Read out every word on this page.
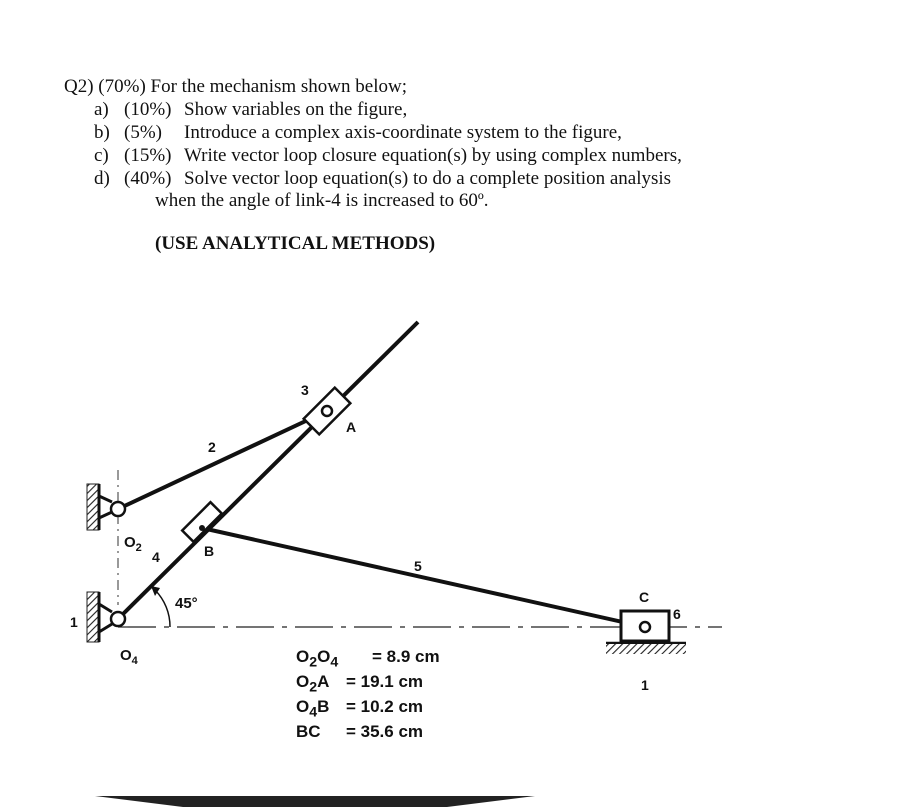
Q2) (70%) For the mechanism shown below;

a) (10%) Show variables on the figure,
b) (5%) Introduce a complex axis-coordinate system to the figure,
c) (15%) Write vector loop closure equation(s) by using complex numbers,
d) (40%) Solve vector loop equation(s) to do a complete position analysis
when the angle of link-4 is increased to 60º.
(USE ANALYTICAL METHODS)
1
$O_2$
4	B
2
3
A
5
45°
$O_4$
C
6
1
$O_2O_4 = 8.9$ cm
$O_2A = 19.1$ cm
$O_4B = 10.2$ cm
BC = 35.6 cm
